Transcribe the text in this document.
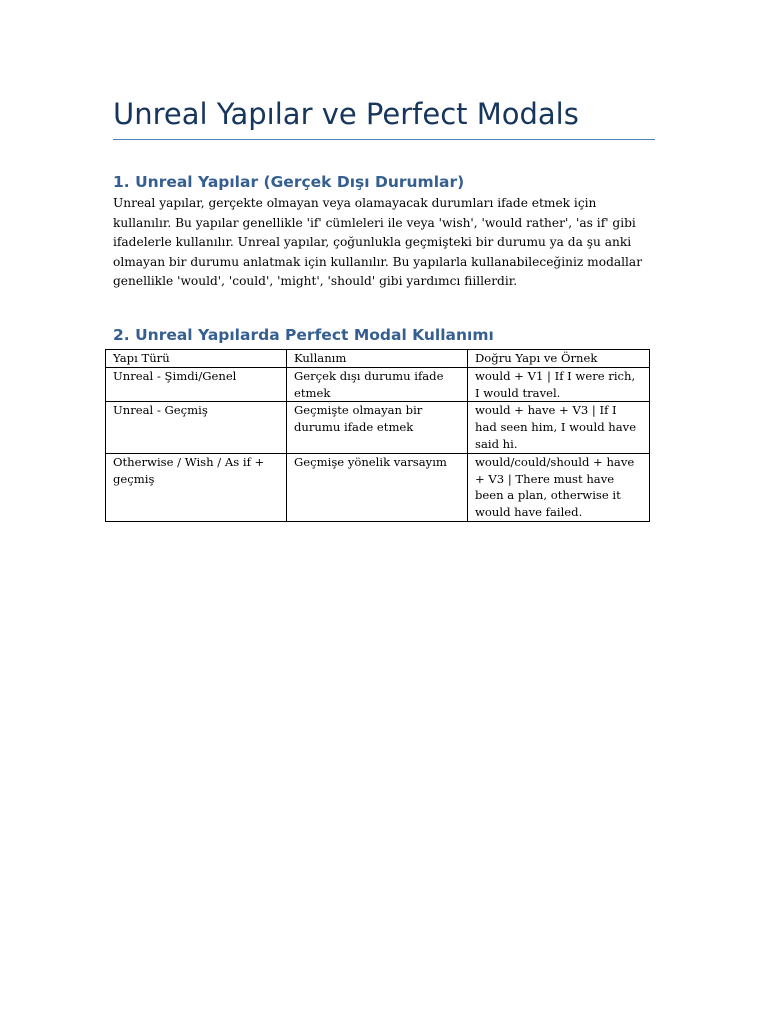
Unreal Yapılar ve Perfect Modals
1. Unreal Yapılar (Gerçek Dışı Durumlar)

Unreal yapılar, gerçekte olmayan veya olamayacak durumları ifade etmek için kullanılır. Bu yapılar genellikle 'if' cümleleri ile veya 'wish', 'would rather', 'as if' gibi ifadelerle kullanılır. Unreal yapılar, çoğunlukla geçmişteki bir durumu ya da şu anki olmayan bir durumu anlatmak için kullanılır. Bu yapılarla kullanabileceğiniz modallar genellikle 'would', 'could', 'might', 'should' gibi yardımcı fiillerdir.

2. Unreal Yapılarda Perfect Modal Kullanımı
Yapı Türü	Kullanım	Doğru Yapı ve Örnek
Unreal - Şimdi/Genel	Gerçek dışı durumu ifade etmek	would + V1 | If I were rich, I would travel.
Unreal - Geçmiş	Geçmişte olmayan bir durumu ifade etmek	would + have + V3 | If I had seen him, I would have said hi.
Otherwise / Wish / As if + geçmiş	Geçmişe yönelik varsayım	would/could/should + have + V3 | There must have been a plan, otherwise it would have failed.
